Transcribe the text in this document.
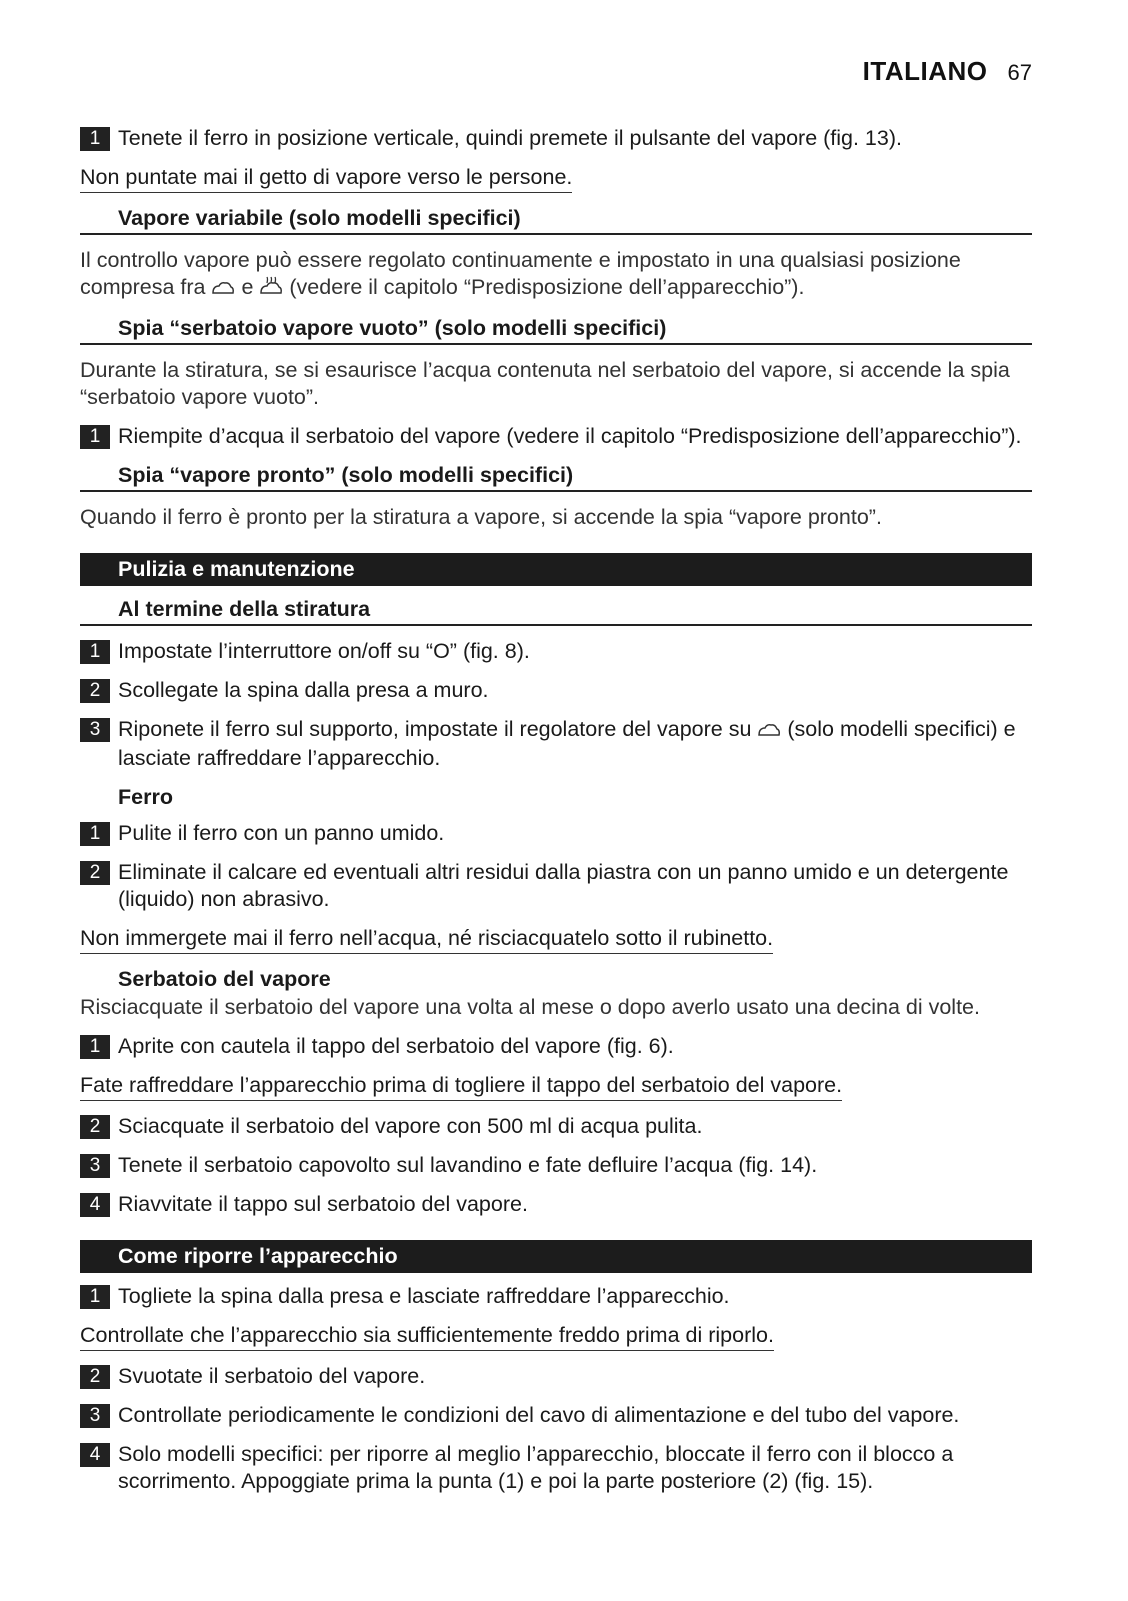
ITALIANO 67
1 Tenete il ferro in posizione verticale, quindi premete il pulsante del vapore (fig. 13).
Non puntate mai il getto di vapore verso le persone.
Vapore variabile (solo modelli specifici)
Il controllo vapore può essere regolato continuamente e impostato in una qualsiasi posizione compresa fra e (vedere il capitolo “Predisposizione dell’apparecchio”).
Spia “serbatoio vapore vuoto” (solo modelli specifici)
Durante la stiratura, se si esaurisce l’acqua contenuta nel serbatoio del vapore, si accende la spia “serbatoio vapore vuoto”.
1 Riempite d’acqua il serbatoio del vapore (vedere il capitolo “Predisposizione dell’apparecchio”).
Spia “vapore pronto” (solo modelli specifici)
Quando il ferro è pronto per la stiratura a vapore, si accende la spia “vapore pronto”.
Pulizia e manutenzione
Al termine della stiratura
1 Impostate l’interruttore on/off su “O” (fig. 8).
2 Scollegate la spina dalla presa a muro.
3 Riponete il ferro sul supporto, impostate il regolatore del vapore su (solo modelli specifici) e lasciate raffreddare l’apparecchio.
Ferro
1 Pulite il ferro con un panno umido.
2 Eliminate il calcare ed eventuali altri residui dalla piastra con un panno umido e un detergente (liquido) non abrasivo.
Non immergete mai il ferro nell’acqua, né risciacquatelo sotto il rubinetto.
Serbatoio del vapore
Risciacquate il serbatoio del vapore una volta al mese o dopo averlo usato una decina di volte.
1 Aprite con cautela il tappo del serbatoio del vapore (fig. 6).
Fate raffreddare l’apparecchio prima di togliere il tappo del serbatoio del vapore.
2 Sciacquate il serbatoio del vapore con 500 ml di acqua pulita.
3 Tenete il serbatoio capovolto sul lavandino e fate defluire l’acqua (fig. 14).
4 Riavvitate il tappo sul serbatoio del vapore.
Come riporre l’apparecchio
1 Togliete la spina dalla presa e lasciate raffreddare l’apparecchio.
Controllate che l’apparecchio sia sufficientemente freddo prima di riporlo.
2 Svuotate il serbatoio del vapore.
3 Controllate periodicamente le condizioni del cavo di alimentazione e del tubo del vapore.
4 Solo modelli specifici: per riporre al meglio l’apparecchio, bloccate il ferro con il blocco a scorrimento. Appoggiate prima la punta (1) e poi la parte posteriore (2) (fig. 15).
